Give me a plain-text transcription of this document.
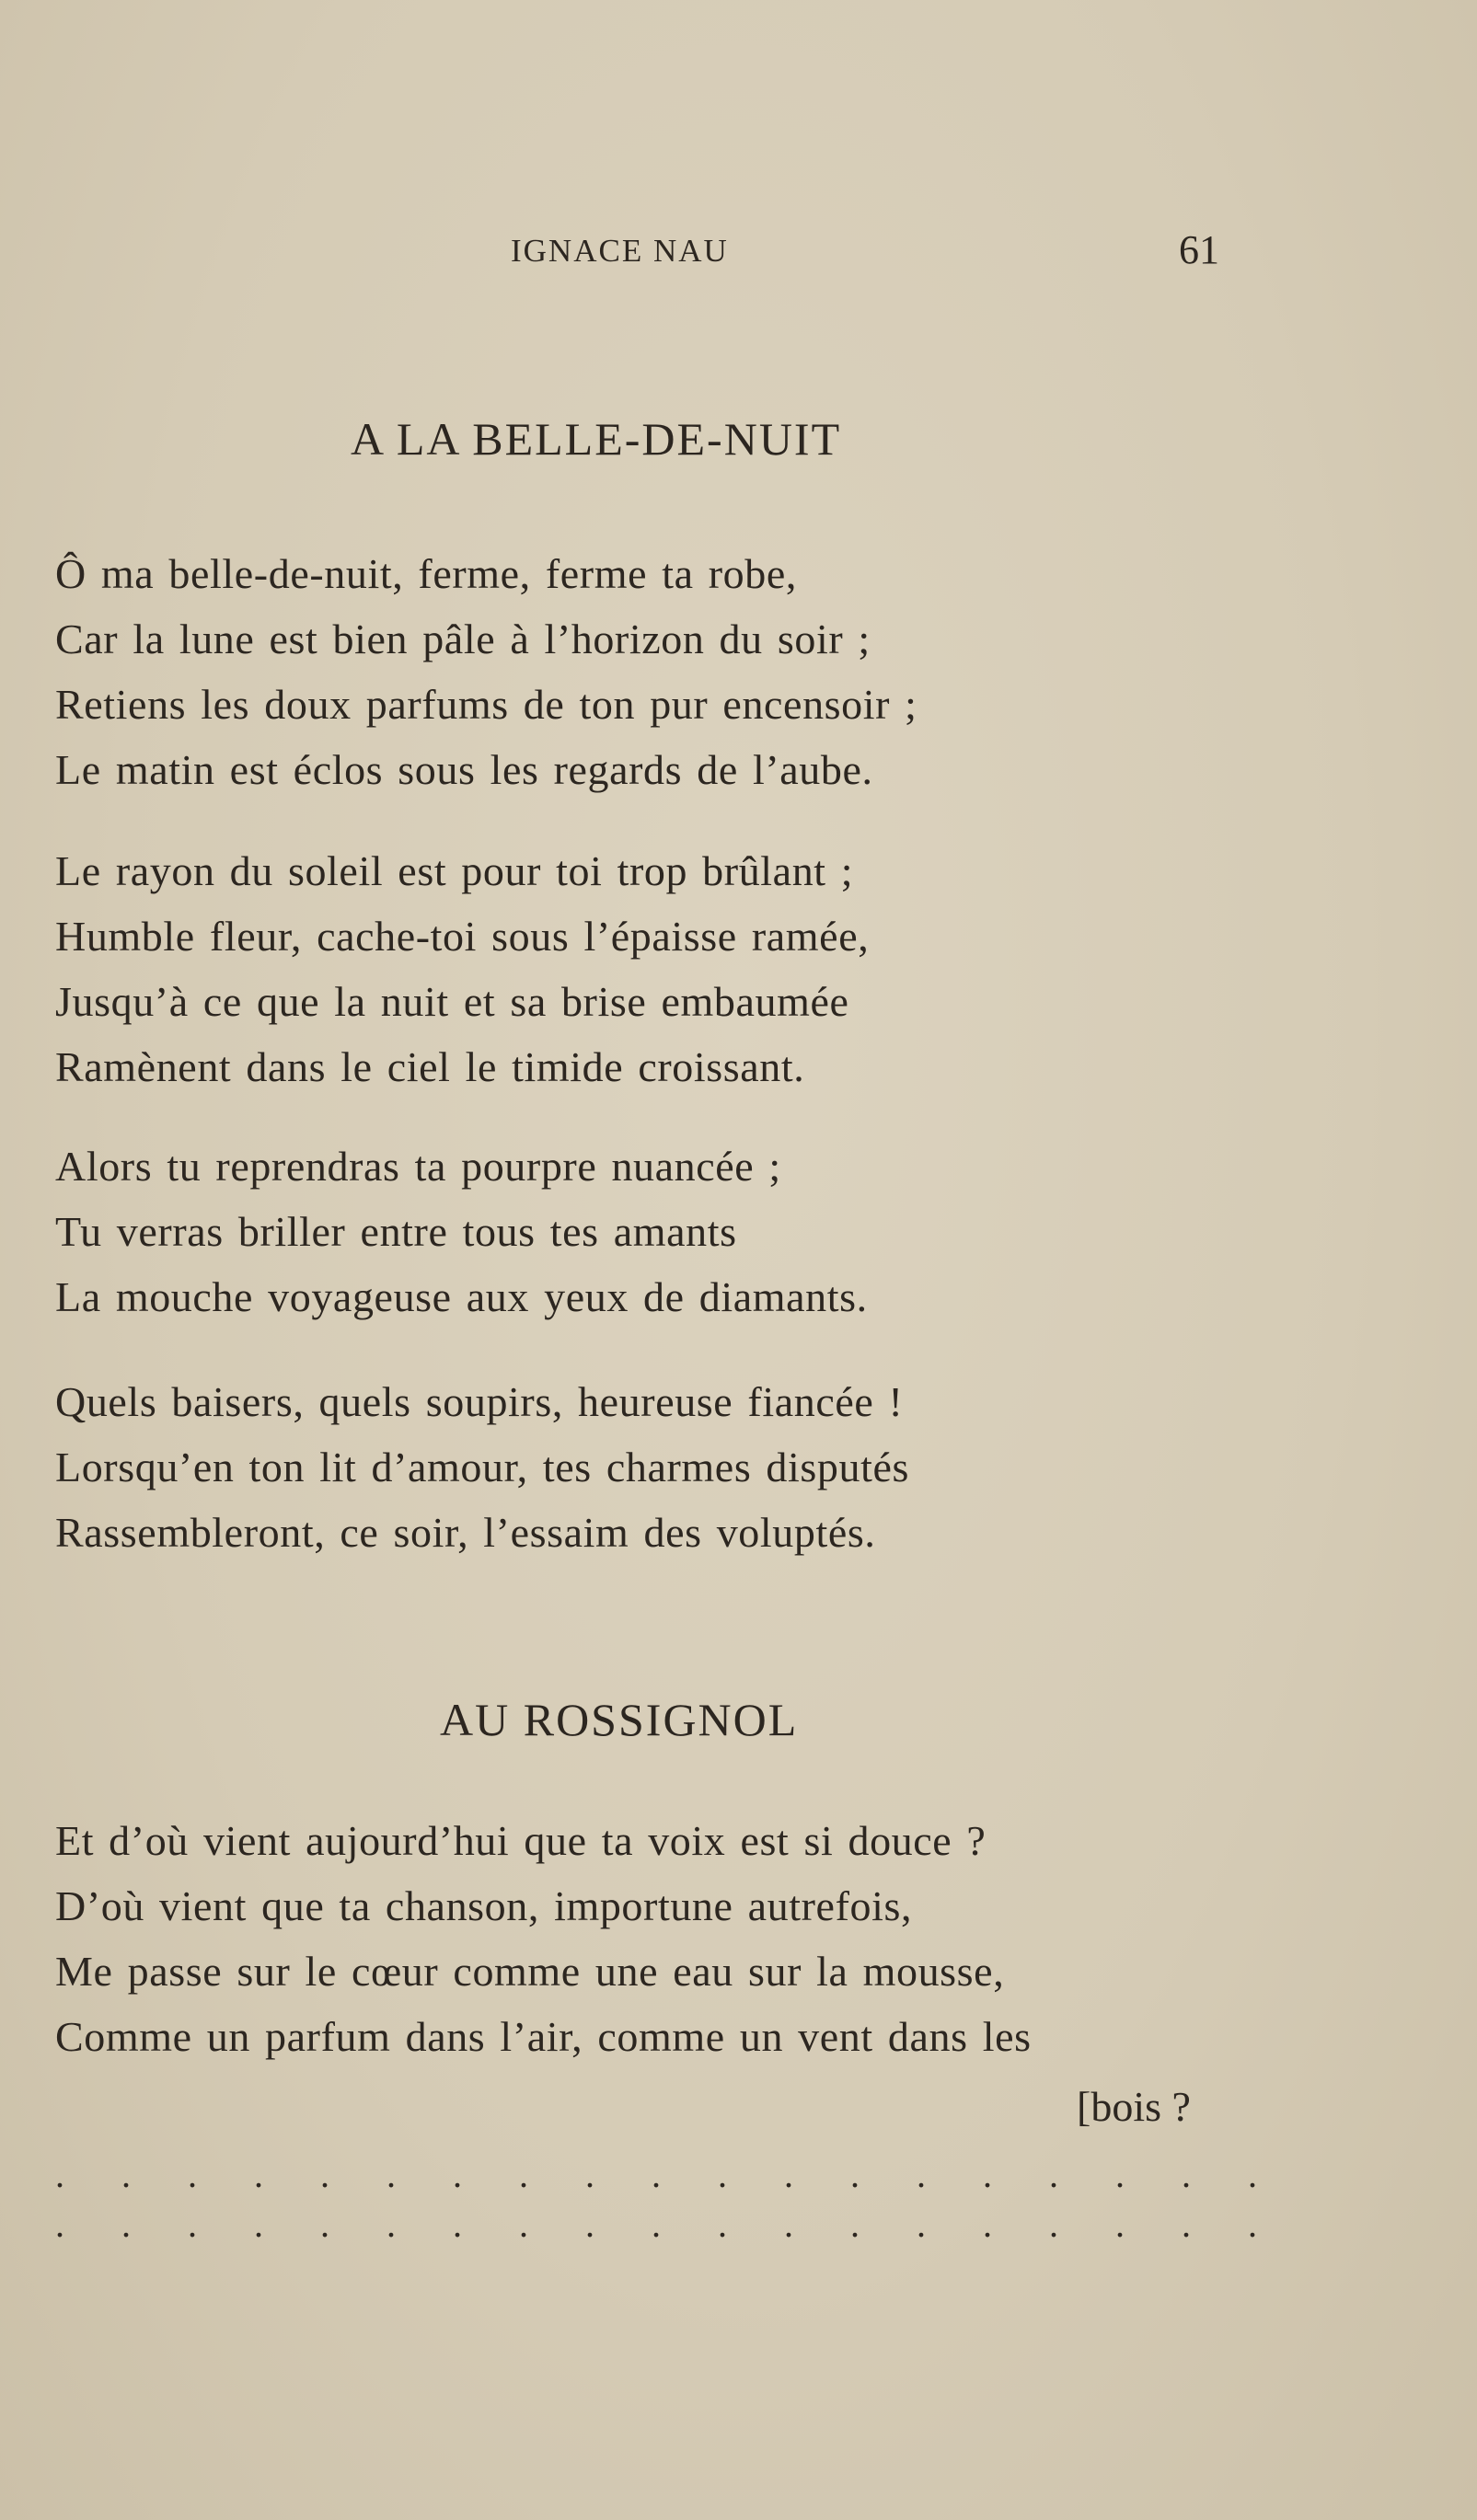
IGNACE NAU	61
A LA BELLE-DE-NUIT
Ô ma belle-de-nuit, ferme, ferme ta robe,
Car la lune est bien pâle à l’horizon du soir ;
Retiens les doux parfums de ton pur encensoir ;
Le matin est éclos sous les regards de l’aube.
Le rayon du soleil est pour toi trop brûlant ;
Humble fleur, cache-toi sous l’épaisse ramée,
Jusqu’à ce que la nuit et sa brise embaumée
Ramènent dans le ciel le timide croissant.
Alors tu reprendras ta pourpre nuancée ;
Tu verras briller entre tous tes amants
La mouche voyageuse aux yeux de diamants.
Quels baisers, quels soupirs, heureuse fiancée !
Lorsqu’en ton lit d’amour, tes charmes disputés
Rassembleront, ce soir, l’essaim des voluptés.
AU ROSSIGNOL
Et d’où vient aujourd’hui que ta voix est si douce ?
D’où vient que ta chanson, importune autrefois,
Me passe sur le cœur comme une eau sur la mousse,
Comme un parfum dans l’air, comme un vent dans les
[bois ?
. . . . . . . . . . . . . . . . . . .
. . . . . . . . . . . . . . . . . . .
